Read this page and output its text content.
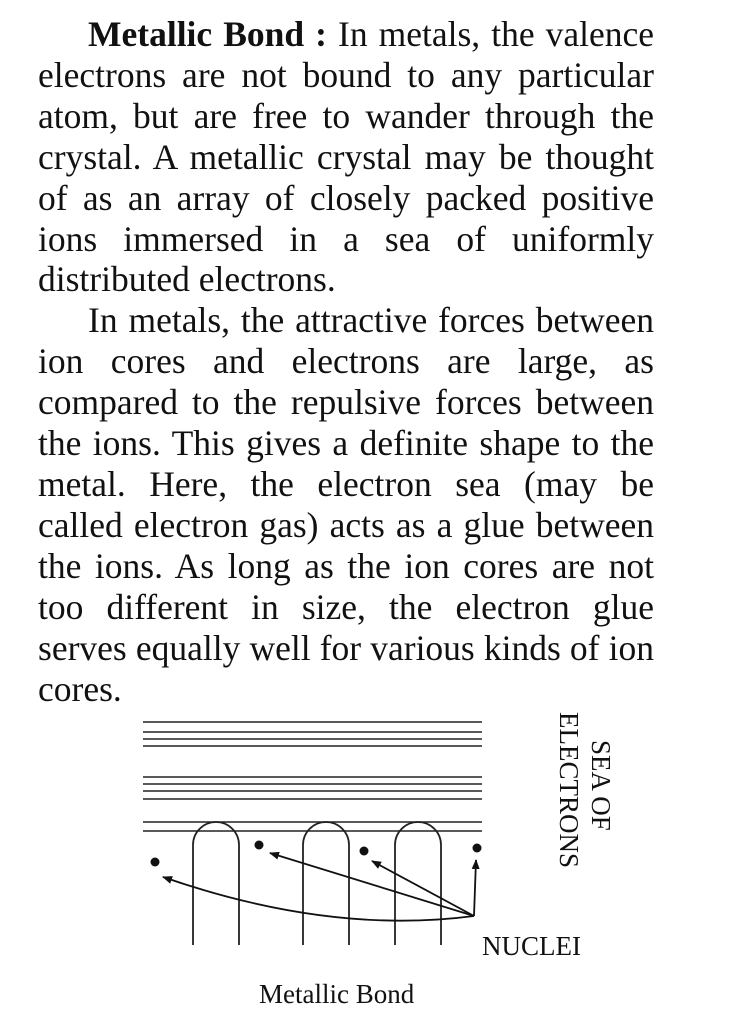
Metallic Bond : In metals, the valence electrons are not bound to any particular atom, but are free to wander through the crystal. A metallic crystal may be thought of as an array of closely packed positive ions immersed in a sea of uniformly distributed electrons.

In metals, the attractive forces between ion cores and electrons are large, as compared to the repulsive forces between the ions. This gives a definite shape to the metal. Here, the electron sea (may be called electron gas) acts as a glue between the ions. As long as the ion cores are not too different in size, the electron glue serves equally well for various kinds of ion cores.

SEA OF
ELECTRONS
NUCLEI
Metallic Bond
